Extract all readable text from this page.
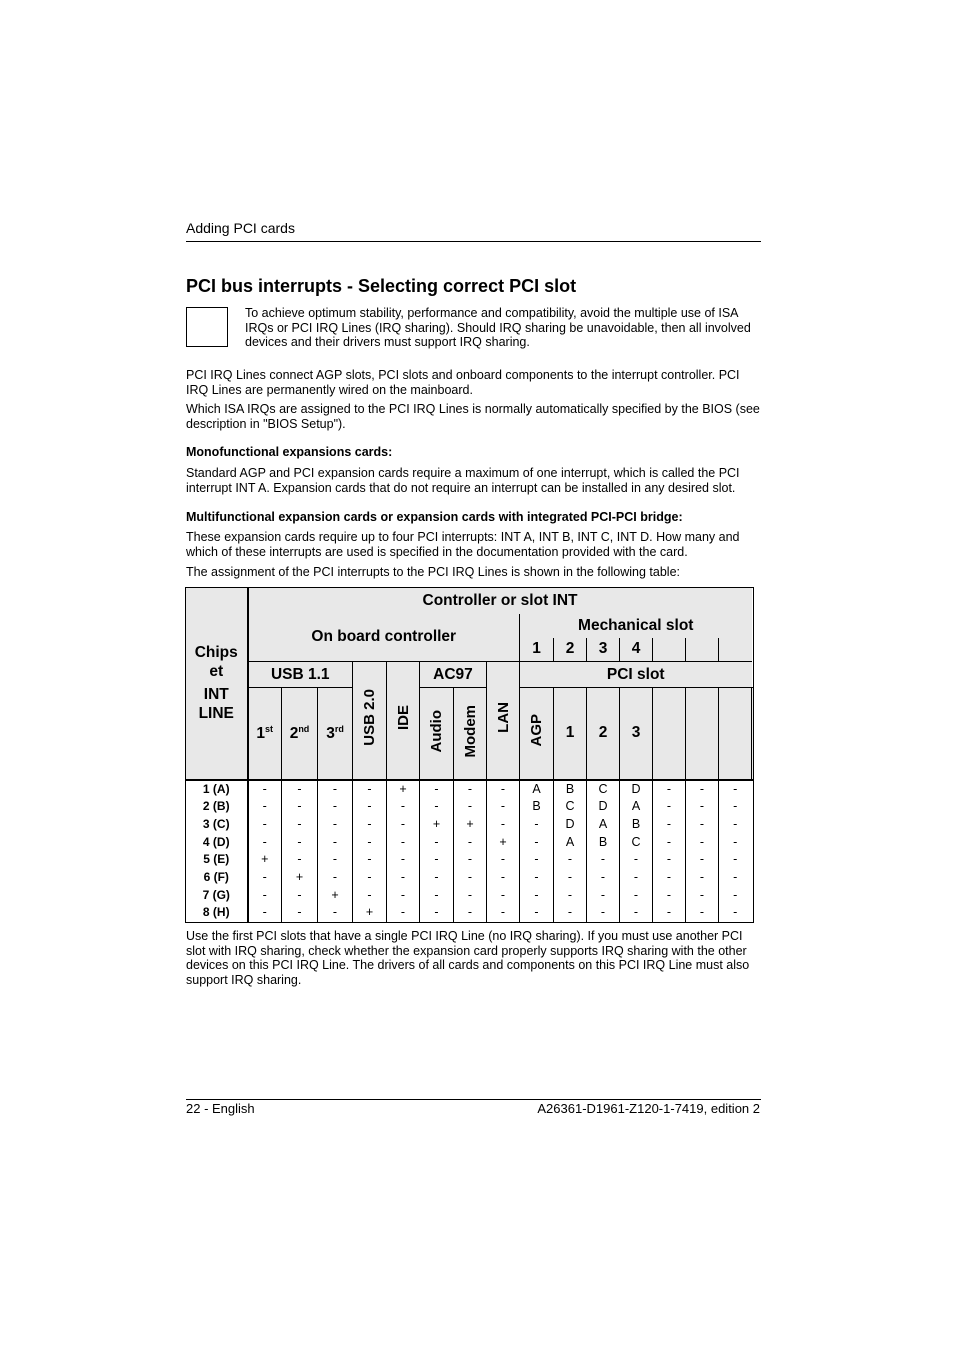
Adding PCI cards
PCI bus interrupts - Selecting correct PCI slot
To achieve optimum stability, performance and compatibility, avoid the multiple use of ISA IRQs or PCI IRQ Lines (IRQ sharing). Should IRQ sharing be unavoidable, then all involved devices and their drivers must support IRQ sharing.
PCI IRQ Lines connect AGP slots, PCI slots and onboard components to the interrupt controller. PCI IRQ Lines are permanently wired on the mainboard.
Which ISA IRQs are assigned to the PCI IRQ Lines is normally automatically specified by the BIOS (see description in "BIOS Setup").
Monofunctional expansions cards:
Standard AGP and PCI expansion cards require a maximum of one interrupt, which is called the PCI interrupt INT A. Expansion cards that do not require an interrupt can be installed in any desired slot.
Multifunctional expansion cards or expansion cards with integrated PCI-PCI bridge:
These expansion cards require up to four PCI interrupts: INT A, INT B, INT C, INT D. How many and which of these interrupts are used is specified in the documentation provided with the card.
The assignment of the PCI interrupts to the PCI IRQ Lines is shown in the following table:
Chips et
INT LINE	Controller or slot INT															
	On board controller								Mechanical slot							
									1	2	3	4				
	USB 1.1			USB 2.0	IDE	AC97		LAN	PCI slot							
	1st	2nd	3rd			Audio	Modem		AGP	1	2	3				
1 (A)	-	-	-	-	+	-	-	-	A	B	C	D	-	-	-	
2 (B)	-	-	-	-	-	-	-	-	B	C	D	A	-	-	-	
3 (C)	-	-	-	-	-	+	+	-	-	D	A	B	-	-	-	
4 (D)	-	-	-	-	-	-	-	+	-	A	B	C	-	-	-	
5 (E)	+	-	-	-	-	-	-	-	-	-	-	-	-	-	-	
6 (F)	-	+	-	-	-	-	-	-	-	-	-	-	-	-	-	
7 (G)	-	-	+	-	-	-	-	-	-	-	-	-	-	-	-	
8 (H)	-	-	-	+	-	-	-	-	-	-	-	-	-	-	-	
Use the first PCI slots that have a single PCI IRQ Line (no IRQ sharing). If you must use another PCI slot with IRQ sharing, check whether the expansion card properly supports IRQ sharing with the other devices on this PCI IRQ Line. The drivers of all cards and components on this PCI IRQ Line must also support IRQ sharing.
22 - English	A26361-D1961-Z120-1-7419, edition 2
